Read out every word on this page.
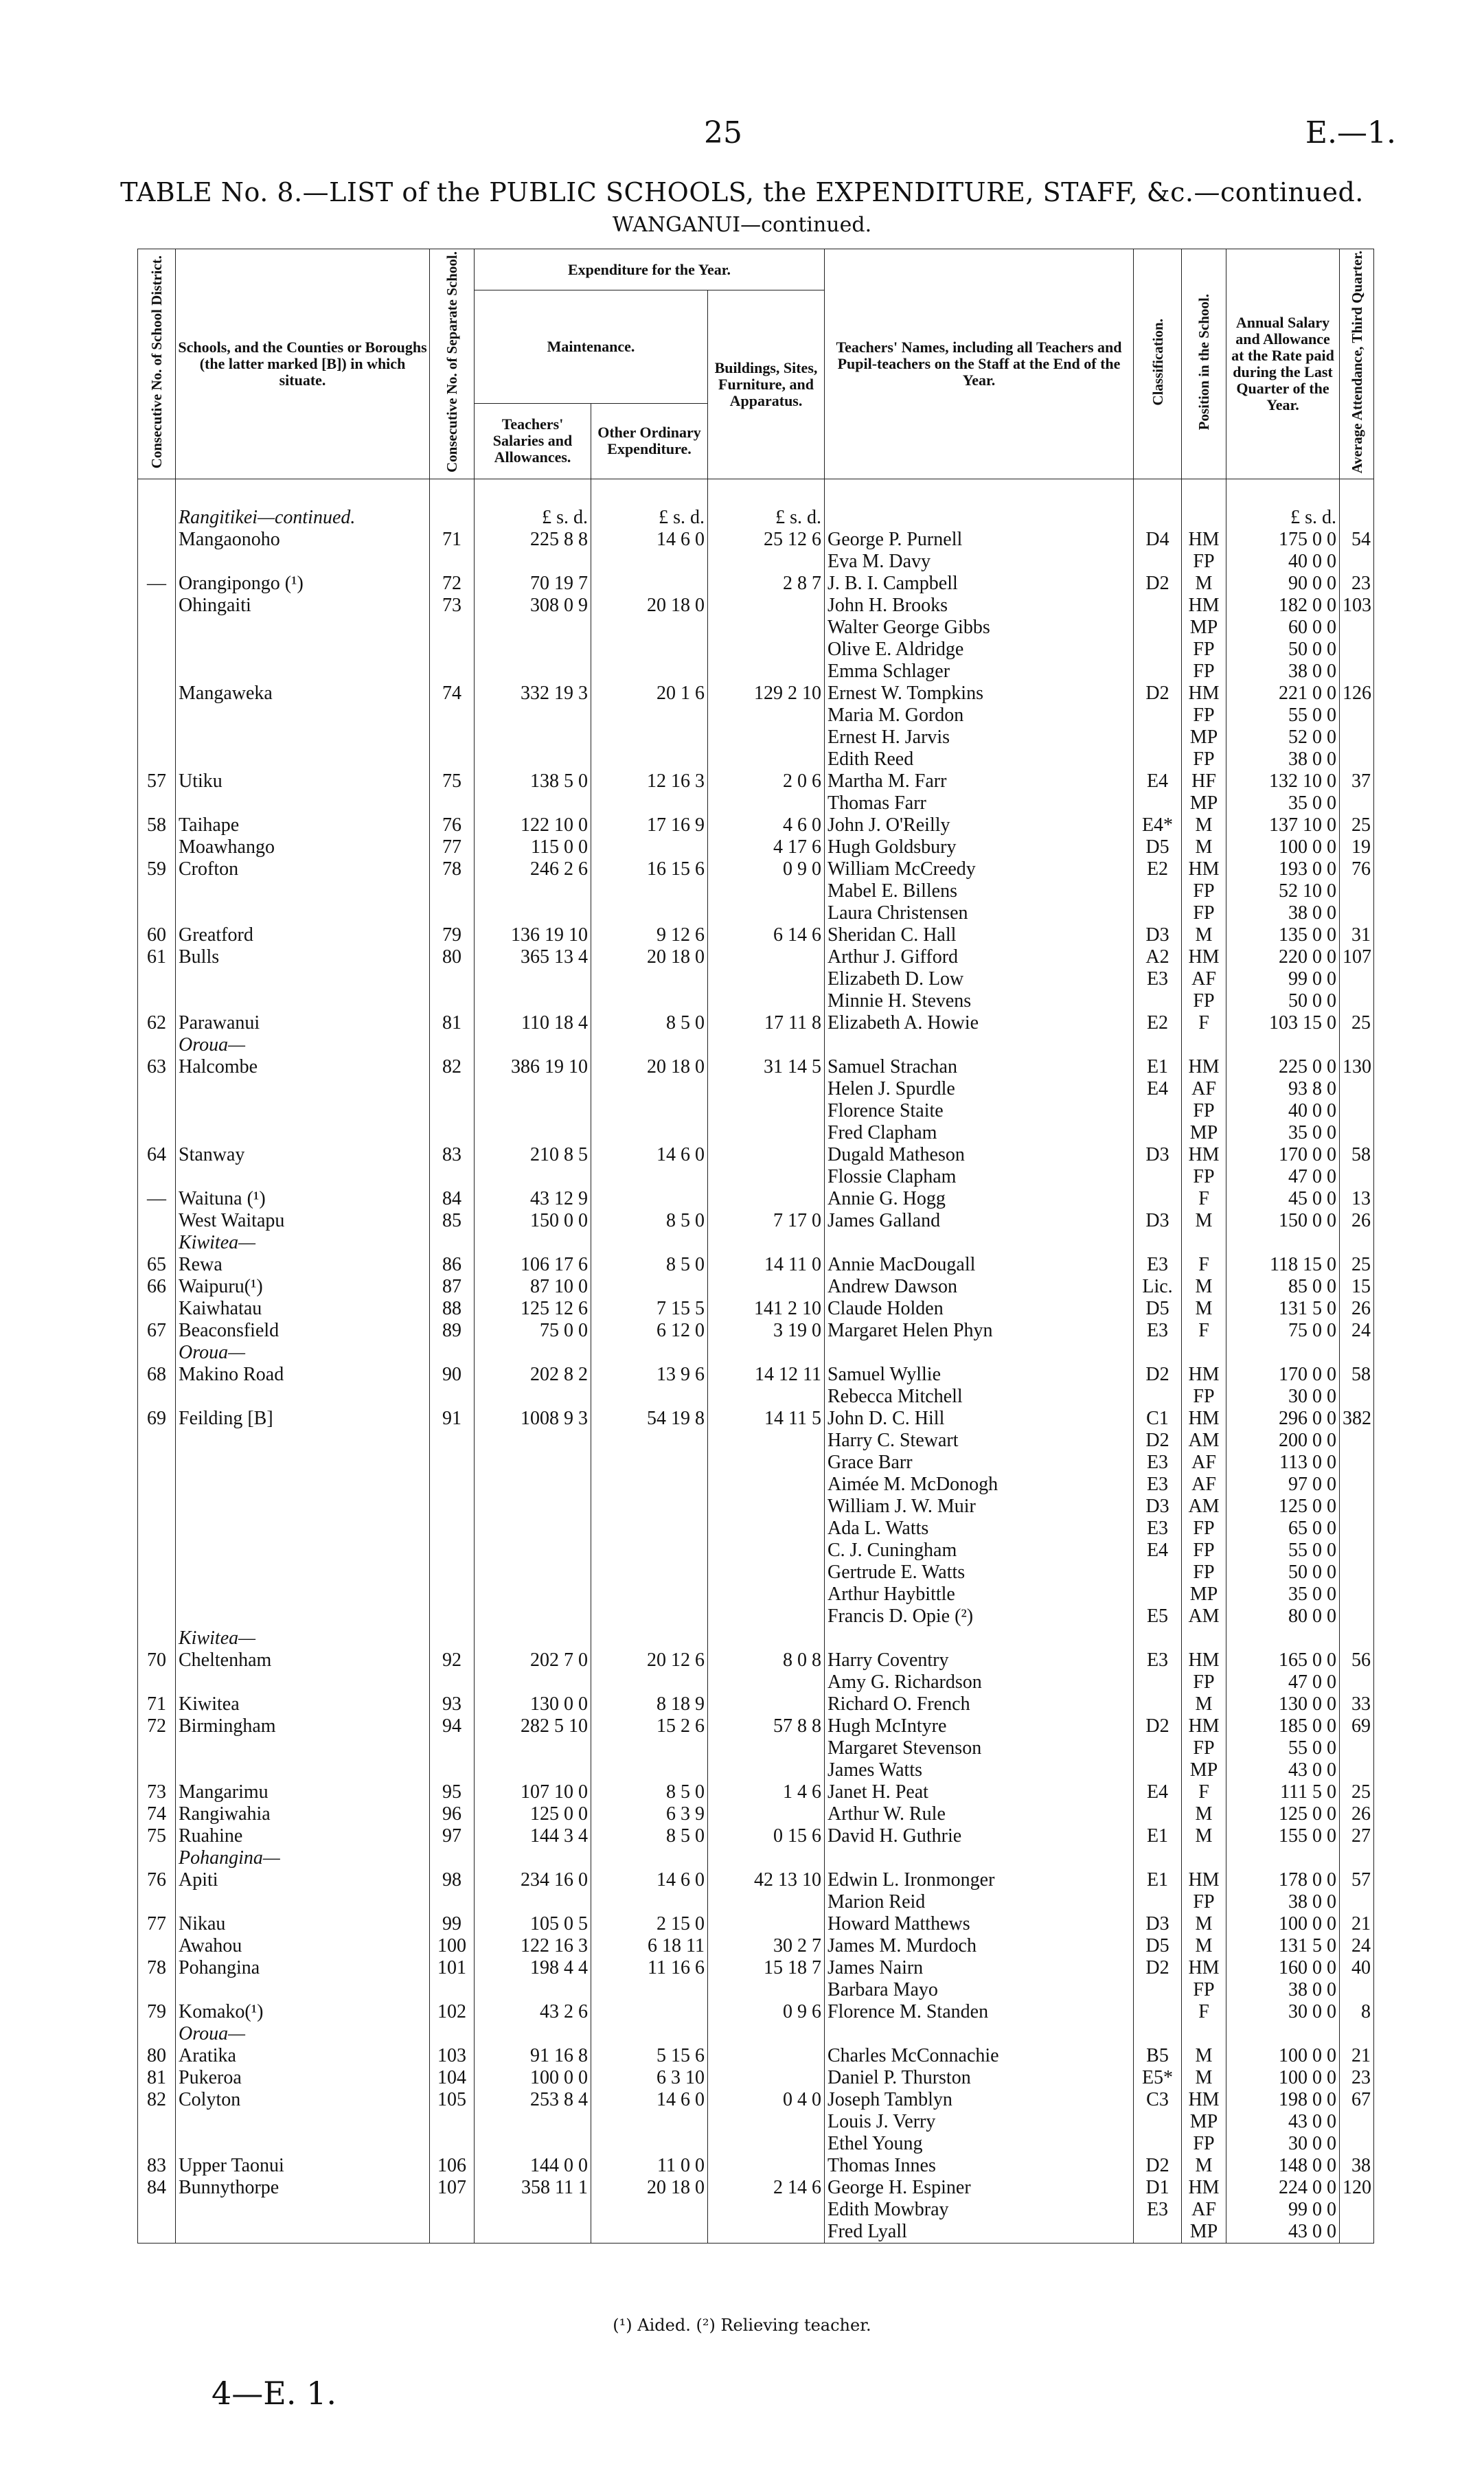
25	E.—1.
TABLE No. 8.—LIST of the PUBLIC SCHOOLS, the EXPENDITURE, STAFF, &c.—continued.
WANGANUI—continued.
Consecutive No. of School District.	Schools, and the Counties or Boroughs (the latter marked [B]) in which situate.	Consecutive No. of Separate School.	Expenditure for the Year.			Teachers' Names, including all Teachers and Pupil-teachers on the Staff at the End of the Year.	Classification.	Position in the School.	Annual Salary and Allowance at the Rate paid during the Last Quarter of the Year.	Average Attendance, Third Quarter.
			Maintenance.		Buildings, Sites, Furniture, and Apparatus.					
			Teachers' Salaries and Allowances.	Other Ordinary Expenditure.						
	Rangitikei—continued.		£ s. d.	£ s. d.	£ s. d.				£ s. d.	
	Mangaonoho	71	225 8 8	14 6 0	25 12 6	George P. Purnell	D4	HM	175 0 0	54
						Eva M. Davy		FP	40 0 0	
—	Orangipongo (¹)	72	70 19 7		2 8 7	J. B. I. Campbell	D2	M	90 0 0	23
	Ohingaiti	73	308 0 9	20 18 0		John H. Brooks		HM	182 0 0	103
						Walter George Gibbs		MP	60 0 0	
						Olive E. Aldridge		FP	50 0 0	
						Emma Schlager		FP	38 0 0	
	Mangaweka	74	332 19 3	20 1 6	129 2 10	Ernest W. Tompkins	D2	HM	221 0 0	126
						Maria M. Gordon		FP	55 0 0	
						Ernest H. Jarvis		MP	52 0 0	
						Edith Reed		FP	38 0 0	
57	Utiku	75	138 5 0	12 16 3	2 0 6	Martha M. Farr	E4	HF	132 10 0	37
						Thomas Farr		MP	35 0 0	
58	Taihape	76	122 10 0	17 16 9	4 6 0	John J. O'Reilly	E4*	M	137 10 0	25
	Moawhango	77	115 0 0		4 17 6	Hugh Goldsbury	D5	M	100 0 0	19
59	Crofton	78	246 2 6	16 15 6	0 9 0	William McCreedy	E2	HM	193 0 0	76
						Mabel E. Billens		FP	52 10 0	
						Laura Christensen		FP	38 0 0	
60	Greatford	79	136 19 10	9 12 6	6 14 6	Sheridan C. Hall	D3	M	135 0 0	31
61	Bulls	80	365 13 4	20 18 0		Arthur J. Gifford	A2	HM	220 0 0	107
						Elizabeth D. Low	E3	AF	99 0 0	
						Minnie H. Stevens		FP	50 0 0	
62	Parawanui	81	110 18 4	8 5 0	17 11 8	Elizabeth A. Howie	E2	F	103 15 0	25
	Oroua—									
63	Halcombe	82	386 19 10	20 18 0	31 14 5	Samuel Strachan	E1	HM	225 0 0	130
						Helen J. Spurdle	E4	AF	93 8 0	
						Florence Staite		FP	40 0 0	
						Fred Clapham		MP	35 0 0	
64	Stanway	83	210 8 5	14 6 0		Dugald Matheson	D3	HM	170 0 0	58
						Flossie Clapham		FP	47 0 0	
—	Waituna (¹)	84	43 12 9			Annie G. Hogg		F	45 0 0	13
	West Waitapu	85	150 0 0	8 5 0	7 17 0	James Galland	D3	M	150 0 0	26
	Kiwitea—									
65	Rewa	86	106 17 6	8 5 0	14 11 0	Annie MacDougall	E3	F	118 15 0	25
66	Waipuru(¹)	87	87 10 0			Andrew Dawson	Lic.	M	85 0 0	15
	Kaiwhatau	88	125 12 6	7 15 5	141 2 10	Claude Holden	D5	M	131 5 0	26
67	Beaconsfield	89	75 0 0	6 12 0	3 19 0	Margaret Helen Phyn	E3	F	75 0 0	24
	Oroua—									
68	Makino Road	90	202 8 2	13 9 6	14 12 11	Samuel Wyllie	D2	HM	170 0 0	58
						Rebecca Mitchell		FP	30 0 0	
69	Feilding [B]	91	1008 9 3	54 19 8	14 11 5	John D. C. Hill	C1	HM	296 0 0	382
						Harry C. Stewart	D2	AM	200 0 0	
						Grace Barr	E3	AF	113 0 0	
						Aimée M. McDonogh	E3	AF	97 0 0	
						William J. W. Muir	D3	AM	125 0 0	
						Ada L. Watts	E3	FP	65 0 0	
						C. J. Cuningham	E4	FP	55 0 0	
						Gertrude E. Watts		FP	50 0 0	
						Arthur Haybittle		MP	35 0 0	
						Francis D. Opie (²)	E5	AM	80 0 0	
	Kiwitea—									
70	Cheltenham	92	202 7 0	20 12 6	8 0 8	Harry Coventry	E3	HM	165 0 0	56
						Amy G. Richardson		FP	47 0 0	
71	Kiwitea	93	130 0 0	8 18 9		Richard O. French		M	130 0 0	33
72	Birmingham	94	282 5 10	15 2 6	57 8 8	Hugh McIntyre	D2	HM	185 0 0	69
						Margaret Stevenson		FP	55 0 0	
						James Watts		MP	43 0 0	
73	Mangarimu	95	107 10 0	8 5 0	1 4 6	Janet H. Peat	E4	F	111 5 0	25
74	Rangiwahia	96	125 0 0	6 3 9		Arthur W. Rule		M	125 0 0	26
75	Ruahine	97	144 3 4	8 5 0	0 15 6	David H. Guthrie	E1	M	155 0 0	27
	Pohangina—									
76	Apiti	98	234 16 0	14 6 0	42 13 10	Edwin L. Ironmonger	E1	HM	178 0 0	57
						Marion Reid		FP	38 0 0	
77	Nikau	99	105 0 5	2 15 0		Howard Matthews	D3	M	100 0 0	21
	Awahou	100	122 16 3	6 18 11	30 2 7	James M. Murdoch	D5	M	131 5 0	24
78	Pohangina	101	198 4 4	11 16 6	15 18 7	James Nairn	D2	HM	160 0 0	40
						Barbara Mayo		FP	38 0 0	
79	Komako(¹)	102	43 2 6		0 9 6	Florence M. Standen		F	30 0 0	8
	Oroua—									
80	Aratika	103	91 16 8	5 15 6		Charles McConnachie	B5	M	100 0 0	21
81	Pukeroa	104	100 0 0	6 3 10		Daniel P. Thurston	E5*	M	100 0 0	23
82	Colyton	105	253 8 4	14 6 0	0 4 0	Joseph Tamblyn	C3	HM	198 0 0	67
						Louis J. Verry		MP	43 0 0	
						Ethel Young		FP	30 0 0	
83	Upper Taonui	106	144 0 0	11 0 0		Thomas Innes	D2	M	148 0 0	38
84	Bunnythorpe	107	358 11 1	20 18 0	2 14 6	George H. Espiner	D1	HM	224 0 0	120
						Edith Mowbray	E3	AF	99 0 0	
						Fred Lyall		MP	43 0 0	
(¹) Aided. (²) Relieving teacher.
4—E. 1.
